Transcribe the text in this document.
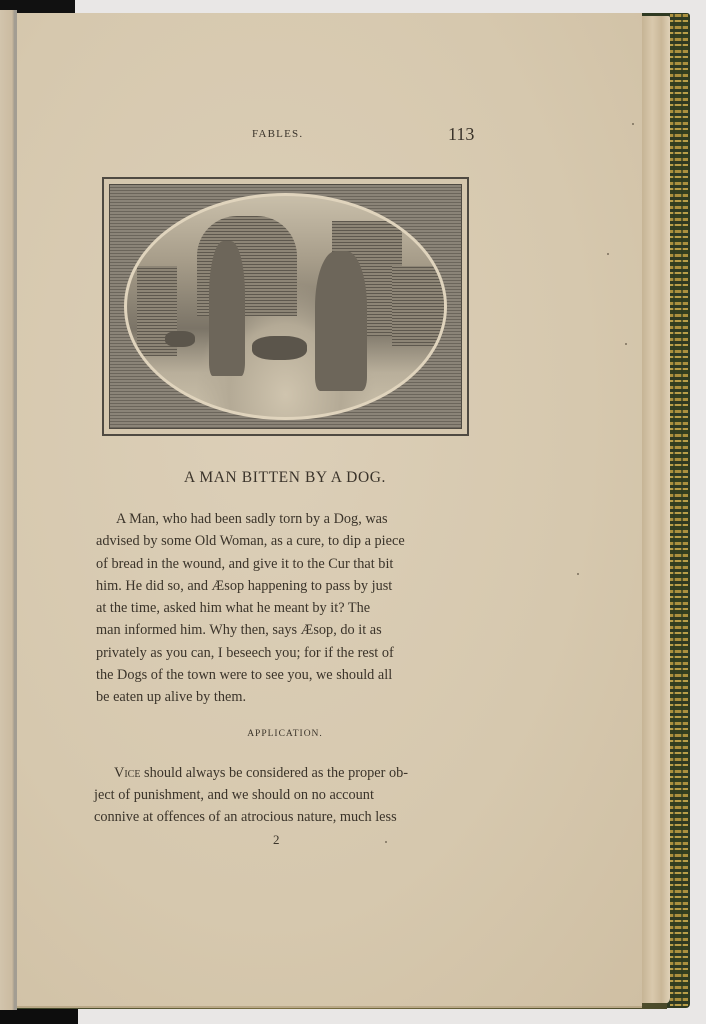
FABLES.	113
A MAN BITTEN BY A DOG.
A Man, who had been sadly torn by a Dog, was
advised by some Old Woman, as a cure, to dip a piece
of bread in the wound, and give it to the Cur that bit
him. He did so, and Æsop happening to pass by just
at the time, asked him what he meant by it? The
man informed him. Why then, says Æsop, do it as
privately as you can, I beseech you; for if the rest of
the Dogs of the town were to see you, we should all
be eaten up alive by them.
APPLICATION.
Vice should always be considered as the proper ob-
ject of punishment, and we should on no account
connive at offences of an atrocious nature, much less
2
